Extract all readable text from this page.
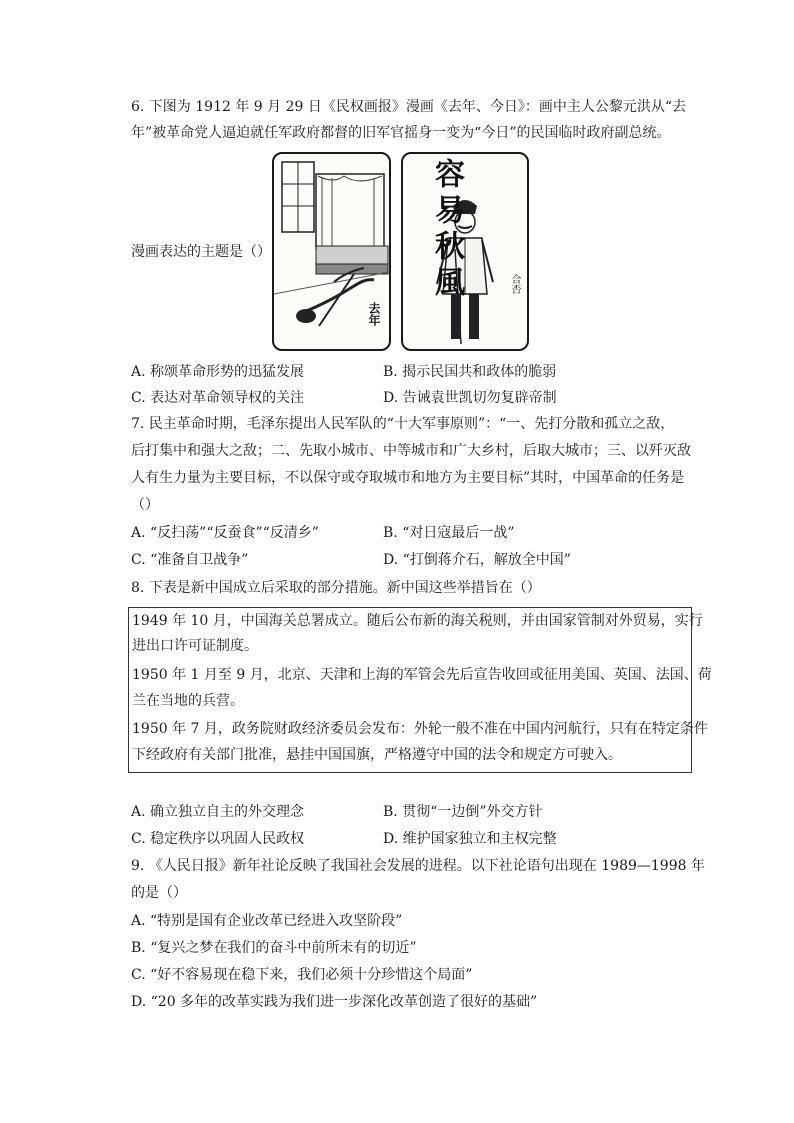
6. 下图为 1912 年 9 月 29 日《民权画报》漫画《去年、今日》：画中主人公黎元洪从“去
年”被革命党人逼迫就任军政府都督的旧军官摇身一变为“今日”的民国临时政府副总统。
漫画表达的主题是（）
去年
容易秋風	合否
A. 称颂革命形势的迅猛发展	B. 揭示民国共和政体的脆弱
C. 表达对革命领导权的关注	D. 告诫袁世凯切勿复辟帝制
7. 民主革命时期，毛泽东提出人民军队的“十大军事原则”：“一、先打分散和孤立之敌，
后打集中和强大之敌；二、先取小城市、中等城市和广大乡村，后取大城市；三、以歼灭敌
人有生力量为主要目标，不以保守或夺取城市和地方为主要目标”其时，中国革命的任务是
（）
A. “反扫荡”“反蚕食”“反清乡”	B. “对日寇最后一战”
C. “准备自卫战争”	D. “打倒蒋介石，解放全中国”
8. 下表是新中国成立后采取的部分措施。新中国这些举措旨在（）
1949 年 10 月，中国海关总署成立。随后公布新的海关税则，并由国家管制对外贸易，实行
进出口许可证制度。
1950 年 1 月至 9 月，北京、天津和上海的军管会先后宣告收回或征用美国、英国、法国、荷
兰在当地的兵营。
1950 年 7 月，政务院财政经济委员会发布：外轮一般不准在中国内河航行，只有在特定条件
下经政府有关部门批准，悬挂中国国旗，严格遵守中国的法令和规定方可驶入。
A. 确立独立自主的外交理念	B. 贯彻“一边倒”外交方针
C. 稳定秩序以巩固人民政权	D. 维护国家独立和主权完整
9. 《人民日报》新年社论反映了我国社会发展的进程。以下社论语句出现在 1989—1998 年
的是（）
A. “特别是国有企业改革已经进入攻坚阶段”
B. “复兴之梦在我们的奋斗中前所未有的切近”
C. “好不容易现在稳下来，我们必须十分珍惜这个局面”
D. “20 多年的改革实践为我们进一步深化改革创造了很好的基础”
